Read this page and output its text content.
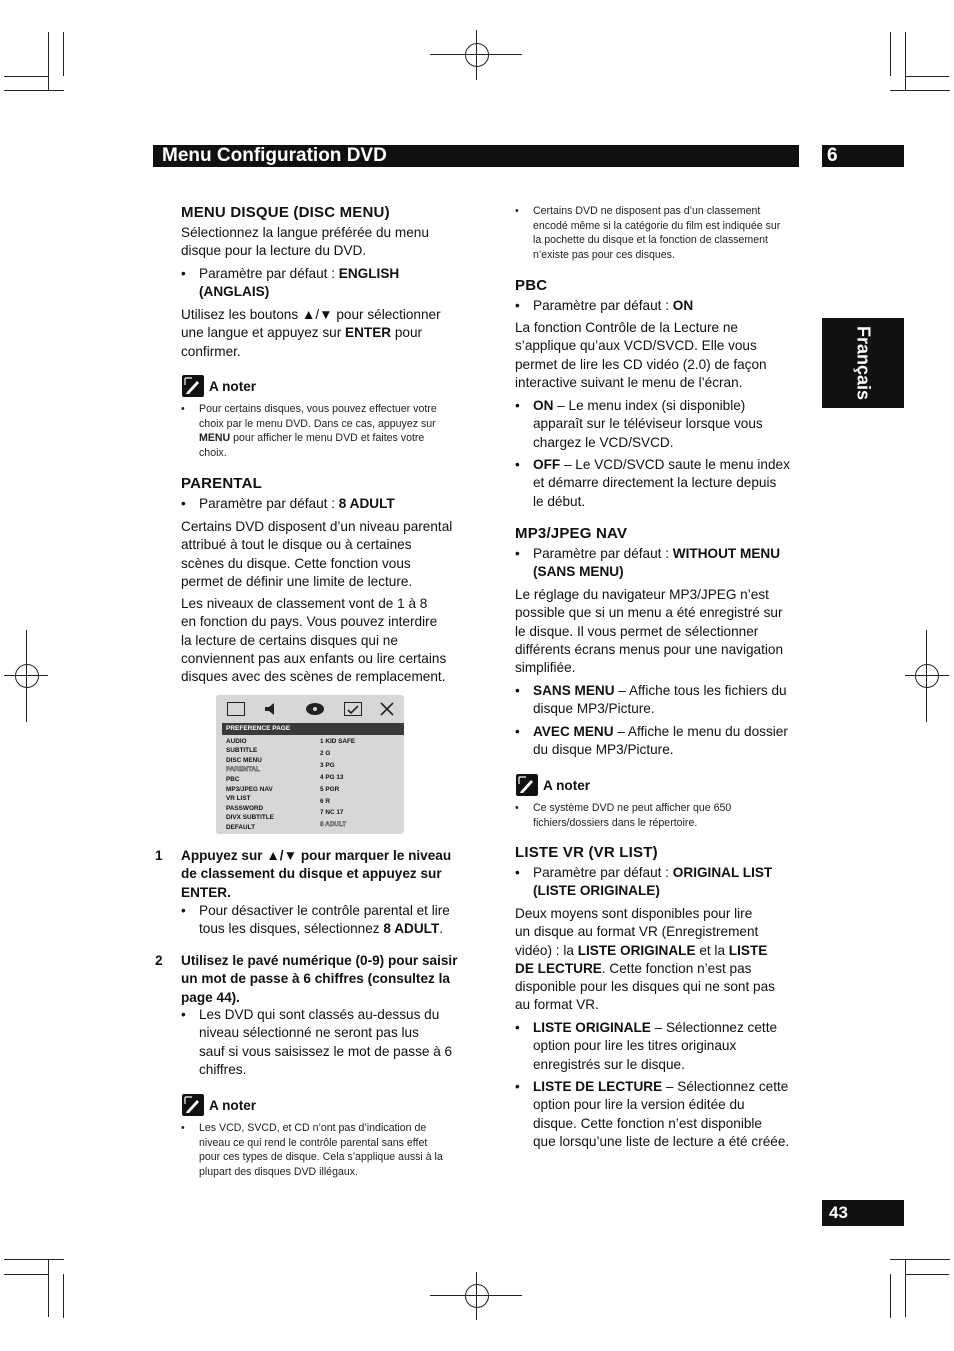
Menu Configuration DVD	6
Français
43
MENU DISQUE (DISC MENU)
Sélectionnez la langue préférée du menu
disque pour la lecture du DVD.
• Paramètre par défaut : ENGLISH
(ANGLAIS)
Utilisez les boutons ▲/▼ pour sélectionner
une langue et appuyez sur ENTER pour
confirmer.
A noter
• Pour certains disques, vous pouvez effectuer votre
choix par le menu DVD. Dans ce cas, appuyez sur
MENU pour afficher le menu DVD et faites votre
choix.
PARENTAL
• Paramètre par défaut : 8 ADULT
Certains DVD disposent d’un niveau parental
attribué à tout le disque ou à certaines
scènes du disque. Cette fonction vous
permet de définir une limite de lecture.
Les niveaux de classement vont de 1 à 8
en fonction du pays. Vous pouvez interdire
la lecture de certains disques qui ne
conviennent pas aux enfants ou lire certains
disques avec des scènes de remplacement.
PREFERENCE PAGE
AUDIO
SUBTITLE
DISC MENU
PARENTAL
PBC
MP3/JPEG NAV
VR LIST
PASSWORD
DIVX SUBTITLE
DEFAULT
1 KID SAFE
2 G
3 PG
4 PG 13
5 PGR
6 R
7 NC 17
8 ADULT
1 Appuyez sur ▲/▼ pour marquer le niveau
de classement du disque et appuyez sur
ENTER.
• Pour désactiver le contrôle parental et lire
tous les disques, sélectionnez 8 ADULT.
2 Utilisez le pavé numérique (0-9) pour saisir
un mot de passe à 6 chiffres (consultez la
page 44).
• Les DVD qui sont classés au-dessus du
niveau sélectionné ne seront pas lus
sauf si vous saisissez le mot de passe à 6
chiffres.
A noter
• Les VCD, SVCD, et CD n’ont pas d’indication de
niveau ce qui rend le contrôle parental sans effet
pour ces types de disque. Cela s’applique aussi à la
plupart des disques DVD illégaux.
• Certains DVD ne disposent pas d’un classement
encodé même si la catégorie du film est indiquée sur
la pochette du disque et la fonction de classement
n’existe pas pour ces disques.
PBC
• Paramètre par défaut : ON
La fonction Contrôle de la Lecture ne
s’applique qu’aux VCD/SVCD. Elle vous
permet de lire les CD vidéo (2.0) de façon
interactive suivant le menu de l’écran.
• ON – Le menu index (si disponible)
apparaît sur le téléviseur lorsque vous
chargez le VCD/SVCD.
• OFF – Le VCD/SVCD saute le menu index
et démarre directement la lecture depuis
le début.
MP3/JPEG NAV
• Paramètre par défaut : WITHOUT MENU
(SANS MENU)
Le réglage du navigateur MP3/JPEG n’est
possible que si un menu a été enregistré sur
le disque. Il vous permet de sélectionner
différents écrans menus pour une navigation
simplifiée.
• SANS MENU – Affiche tous les fichiers du
disque MP3/Picture.
• AVEC MENU – Affiche le menu du dossier
du disque MP3/Picture.
A noter
• Ce système DVD ne peut afficher que 650
fichiers/dossiers dans le répertoire.
LISTE VR (VR LIST)
• Paramètre par défaut : ORIGINAL LIST
(LISTE ORIGINALE)
Deux moyens sont disponibles pour lire
un disque au format VR (Enregistrement
vidéo) : la LISTE ORIGINALE et la LISTE
DE LECTURE. Cette fonction n’est pas
disponible pour les disques qui ne sont pas
au format VR.
• LISTE ORIGINALE – Sélectionnez cette
option pour lire les titres originaux
enregistrés sur le disque.
• LISTE DE LECTURE – Sélectionnez cette
option pour lire la version éditée du
disque. Cette fonction n’est disponible
que lorsqu’une liste de lecture a été créée.
